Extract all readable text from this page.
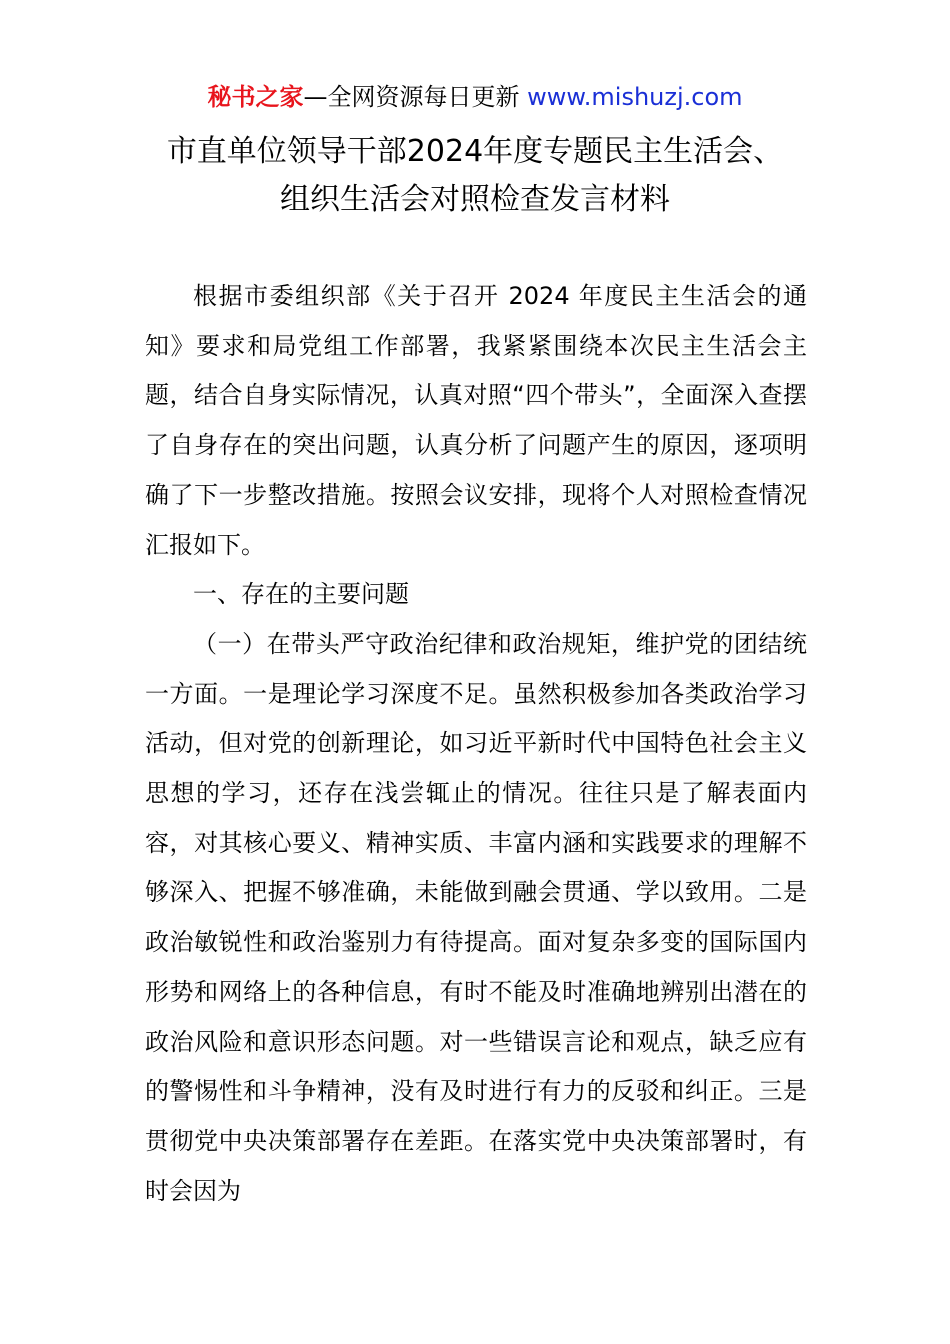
秘书之家—全网资源每日更新 www.mishuzj.com
市直单位领导干部2024年度专题民主生活会、
组织生活会对照检查发言材料

根据市委组织部《关于召开 2024 年度民主生活会的通知》要求和局党组工作部署，我紧紧围绕本次民主生活会主题，结合自身实际情况，认真对照“四个带头”，全面深入查摆了自身存在的突出问题，认真分析了问题产生的原因，逐项明确了下一步整改措施。按照会议安排，现将个人对照检查情况汇报如下。

一、存在的主要问题

（一）在带头严守政治纪律和政治规矩，维护党的团结统一方面。一是理论学习深度不足。虽然积极参加各类政治学习活动，但对党的创新理论，如习近平新时代中国特色社会主义思想的学习，还存在浅尝辄止的情况。往往只是了解表面内容，对其核心要义、精神实质、丰富内涵和实践要求的理解不够深入、把握不够准确，未能做到融会贯通、学以致用。二是政治敏锐性和政治鉴别力有待提高。面对复杂多变的国际国内形势和网络上的各种信息，有时不能及时准确地辨别出潜在的政治风险和意识形态问题。对一些错误言论和观点，缺乏应有的警惕性和斗争精神，没有及时进行有力的反驳和纠正。三是贯彻党中央决策部署存在差距。在落实党中央决策部署时，有时会因为
